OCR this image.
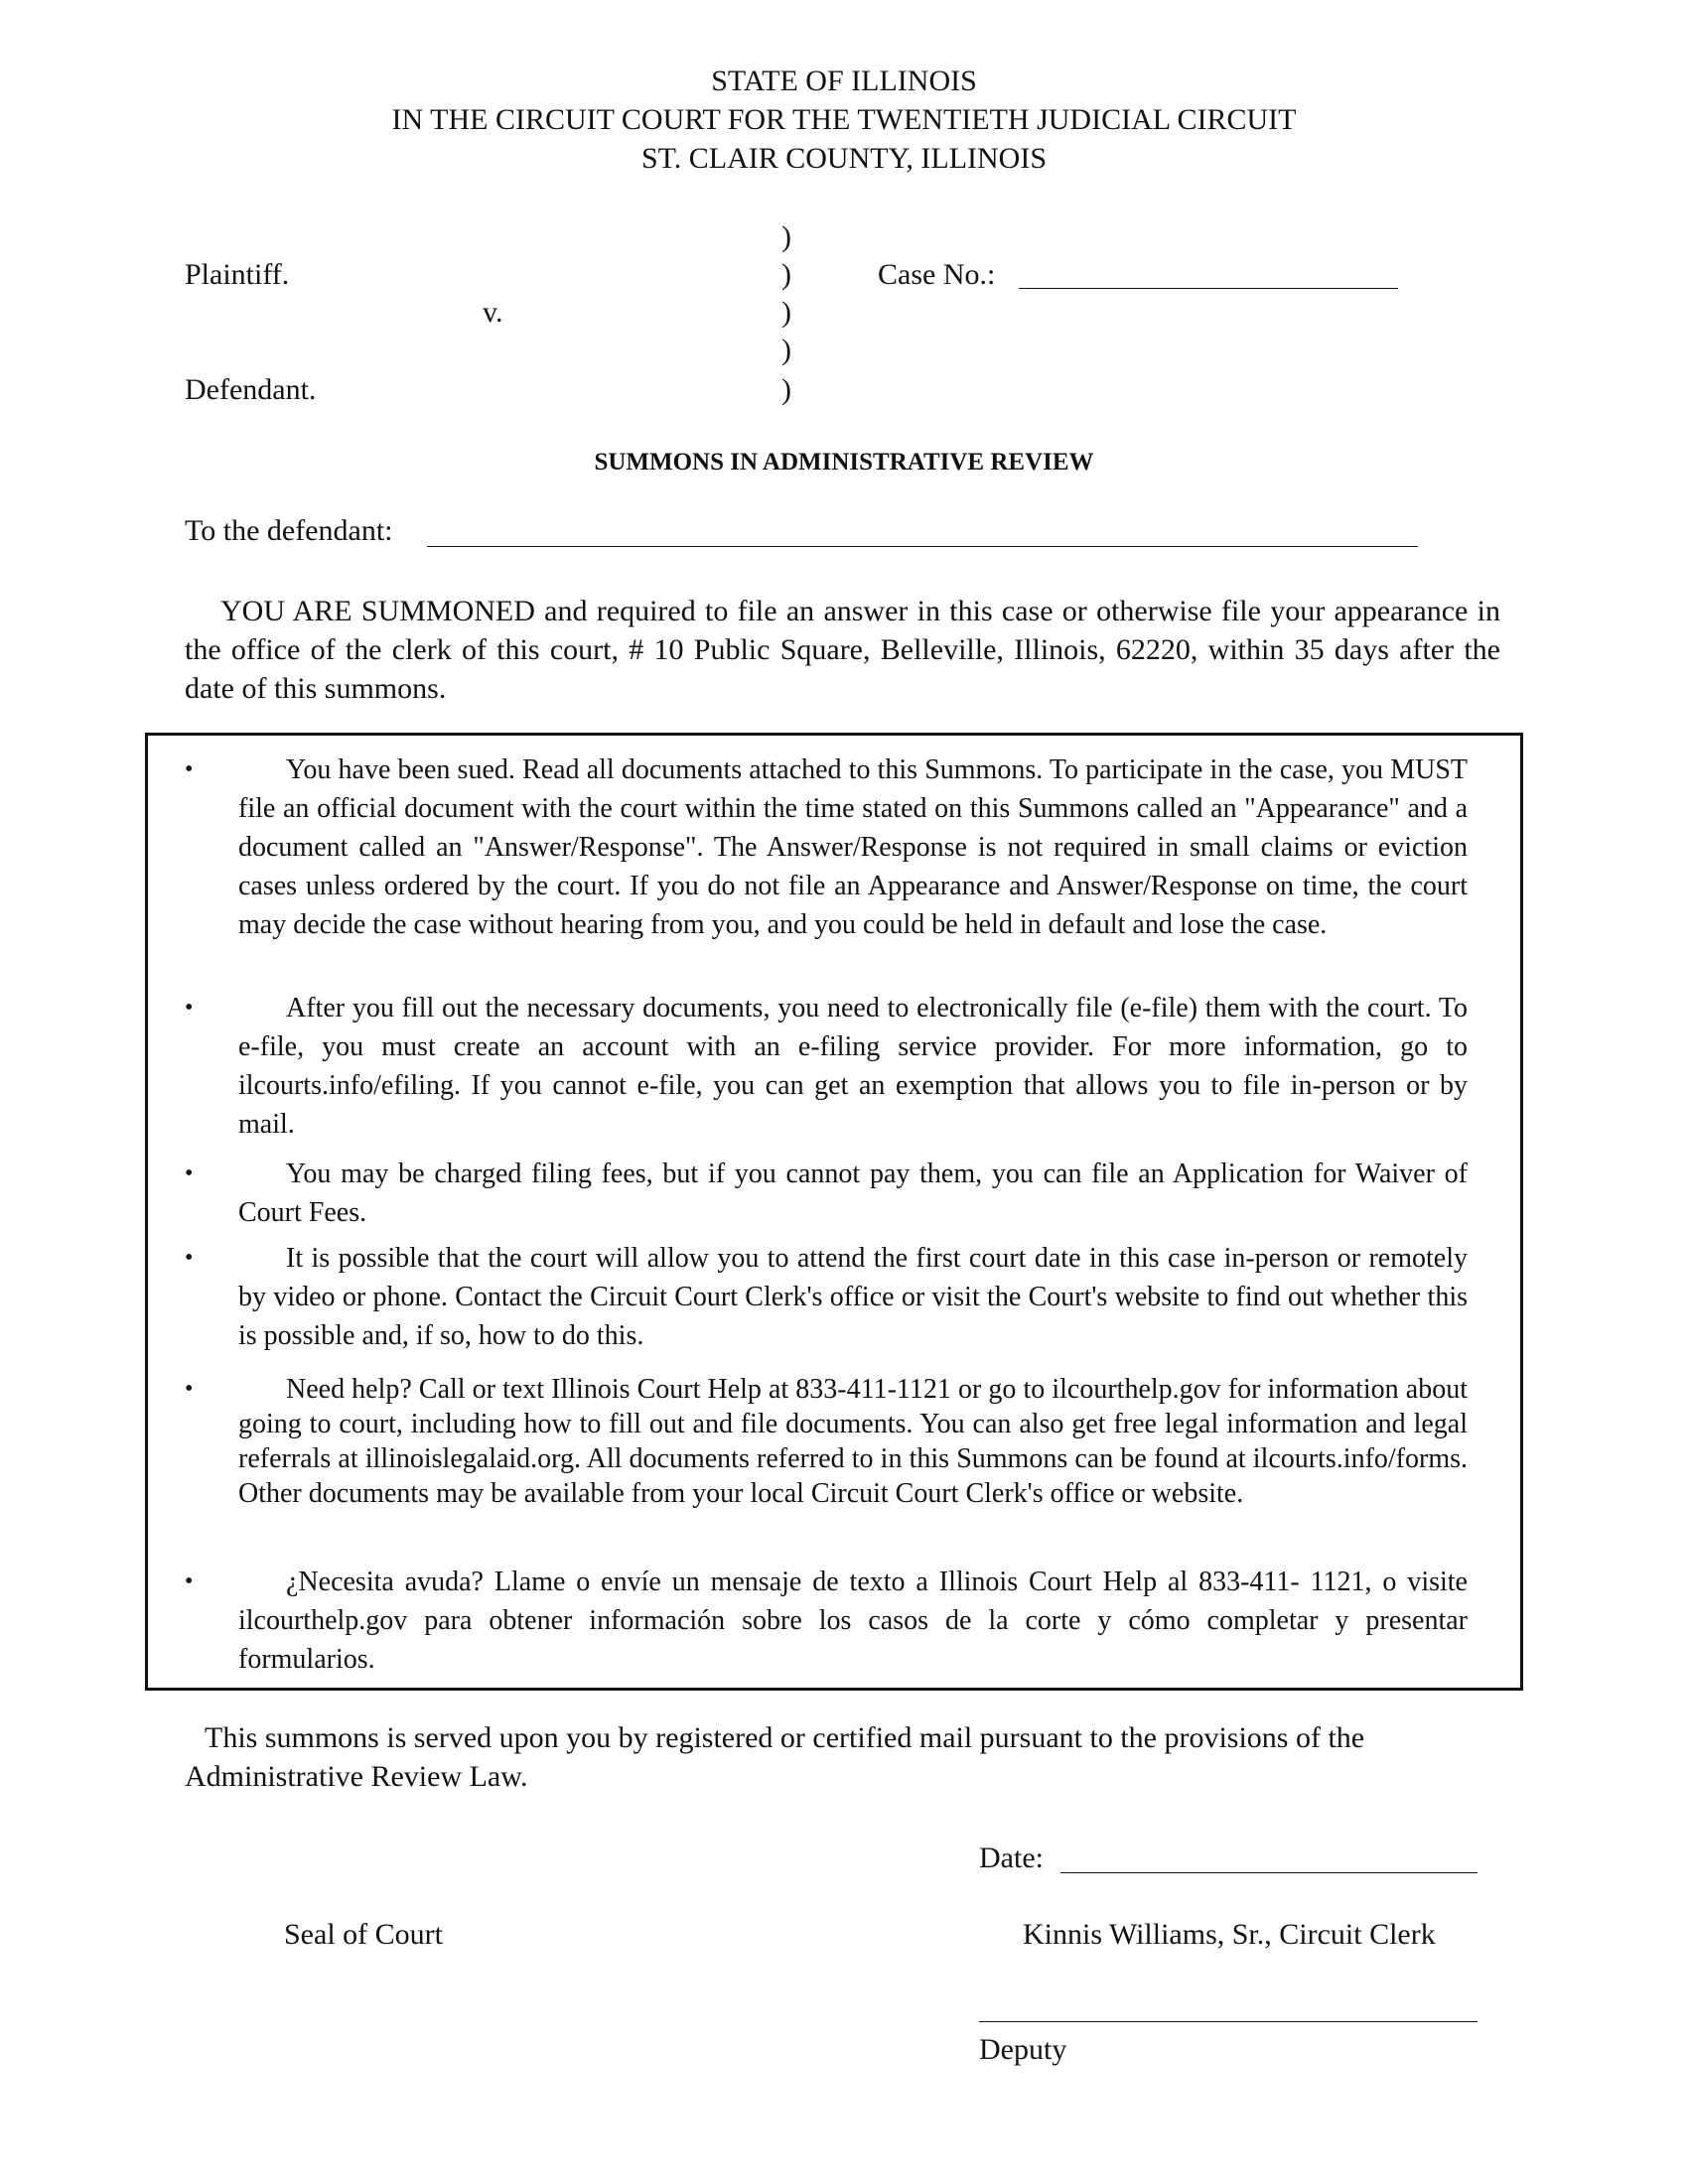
STATE OF ILLINOIS
IN THE CIRCUIT COURT FOR THE TWENTIETH JUDICIAL CIRCUIT
ST. CLAIR COUNTY, ILLINOIS
Plaintiff.
v.
Defendant.
)
)
)
)
)
Case No.:
SUMMONS IN ADMINISTRATIVE REVIEW
To the defendant:
YOU ARE SUMMONED and required to file an answer in this case or otherwise file your appearance in the office of the clerk of this court, # 10 Public Square, Belleville, Illinois, 62220, within 35 days after the date of this summons.
•	You have been sued. Read all documents attached to this Summons. To participate in the case, you MUST file an official document with the court within the time stated on this Summons called an "Appearance" and a document called an "Answer/Response". The Answer/Response is not required in small claims or eviction cases unless ordered by the court. If you do not file an Appearance and Answer/Response on time, the court may decide the case without hearing from you, and you could be held in default and lose the case.
•	After you fill out the necessary documents, you need to electronically file (e-file) them with the court. To e-file, you must create an account with an e-filing service provider. For more information, go to ilcourts.info/efiling. If you cannot e-file, you can get an exemption that allows you to file in-person or by mail.
•	You may be charged filing fees, but if you cannot pay them, you can file an Application for Waiver of Court Fees.
•	It is possible that the court will allow you to attend the first court date in this case in-person or remotely by video or phone. Contact the Circuit Court Clerk's office or visit the Court's website to find out whether this is possible and, if so, how to do this.
•	Need help? Call or text Illinois Court Help at 833-411-1121 or go to ilcourthelp.gov for information about going to court, including how to fill out and file documents. You can also get free legal information and legal referrals at illinoislegalaid.org. All documents referred to in this Summons can be found at ilcourts.info/forms. Other documents may be available from your local Circuit Court Clerk's office or website.
•	¿Necesita avuda? Llame o envíe un mensaje de texto a Illinois Court Help al 833-411- 1121, o visite ilcourthelp.gov para obtener información sobre los casos de la corte y cómo completar y presentar formularios.
This summons is served upon you by registered or certified mail pursuant to the provisions of the Administrative Review Law.
Date:
Seal of Court	Kinnis Williams, Sr., Circuit Clerk
Deputy
